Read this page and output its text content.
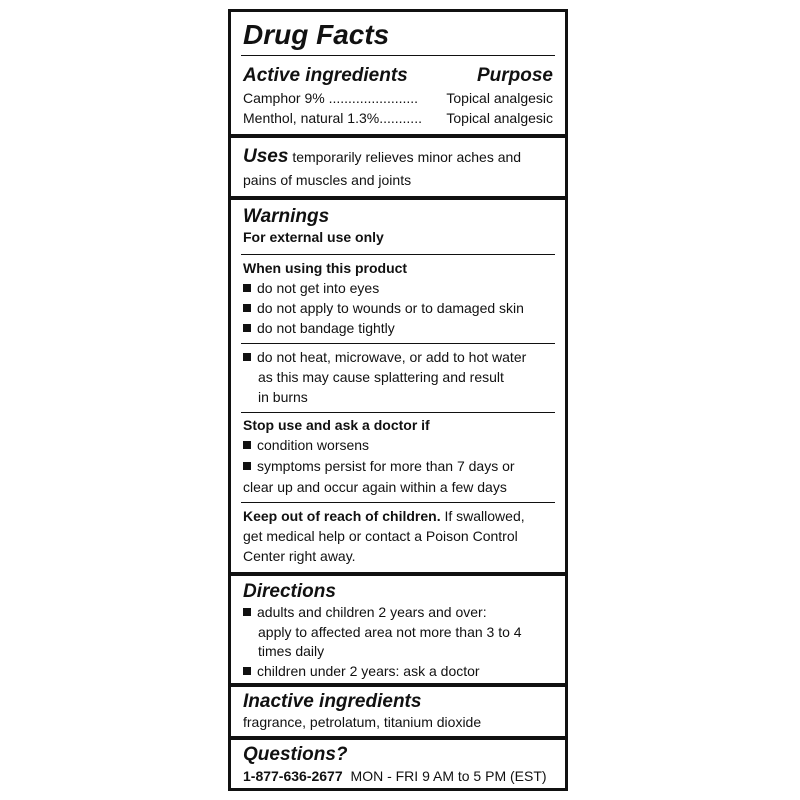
Drug Facts
Active ingredients	Purpose
Camphor 9% ....................... Topical analgesic
Menthol, natural 1.3%........... Topical analgesic
Uses temporarily relieves minor aches and
pains of muscles and joints
Warnings
For external use only
When using this product
do not get into eyes
do not apply to wounds or to damaged skin
do not bandage tightly
do not heat, microwave, or add to hot water
as this may cause splattering and result
in burns
Stop use and ask a doctor if
condition worsens
symptoms persist for more than 7 days or
clear up and occur again within a few days
Keep out of reach of children. If swallowed,
get medical help or contact a Poison Control
Center right away.
Directions
adults and children 2 years and over:
apply to affected area not more than 3 to 4
times daily
children under 2 years: ask a doctor
Inactive ingredients
fragrance, petrolatum, titanium dioxide
Questions?
1-877-636-2677 MON - FRI 9 AM to 5 PM (EST)
